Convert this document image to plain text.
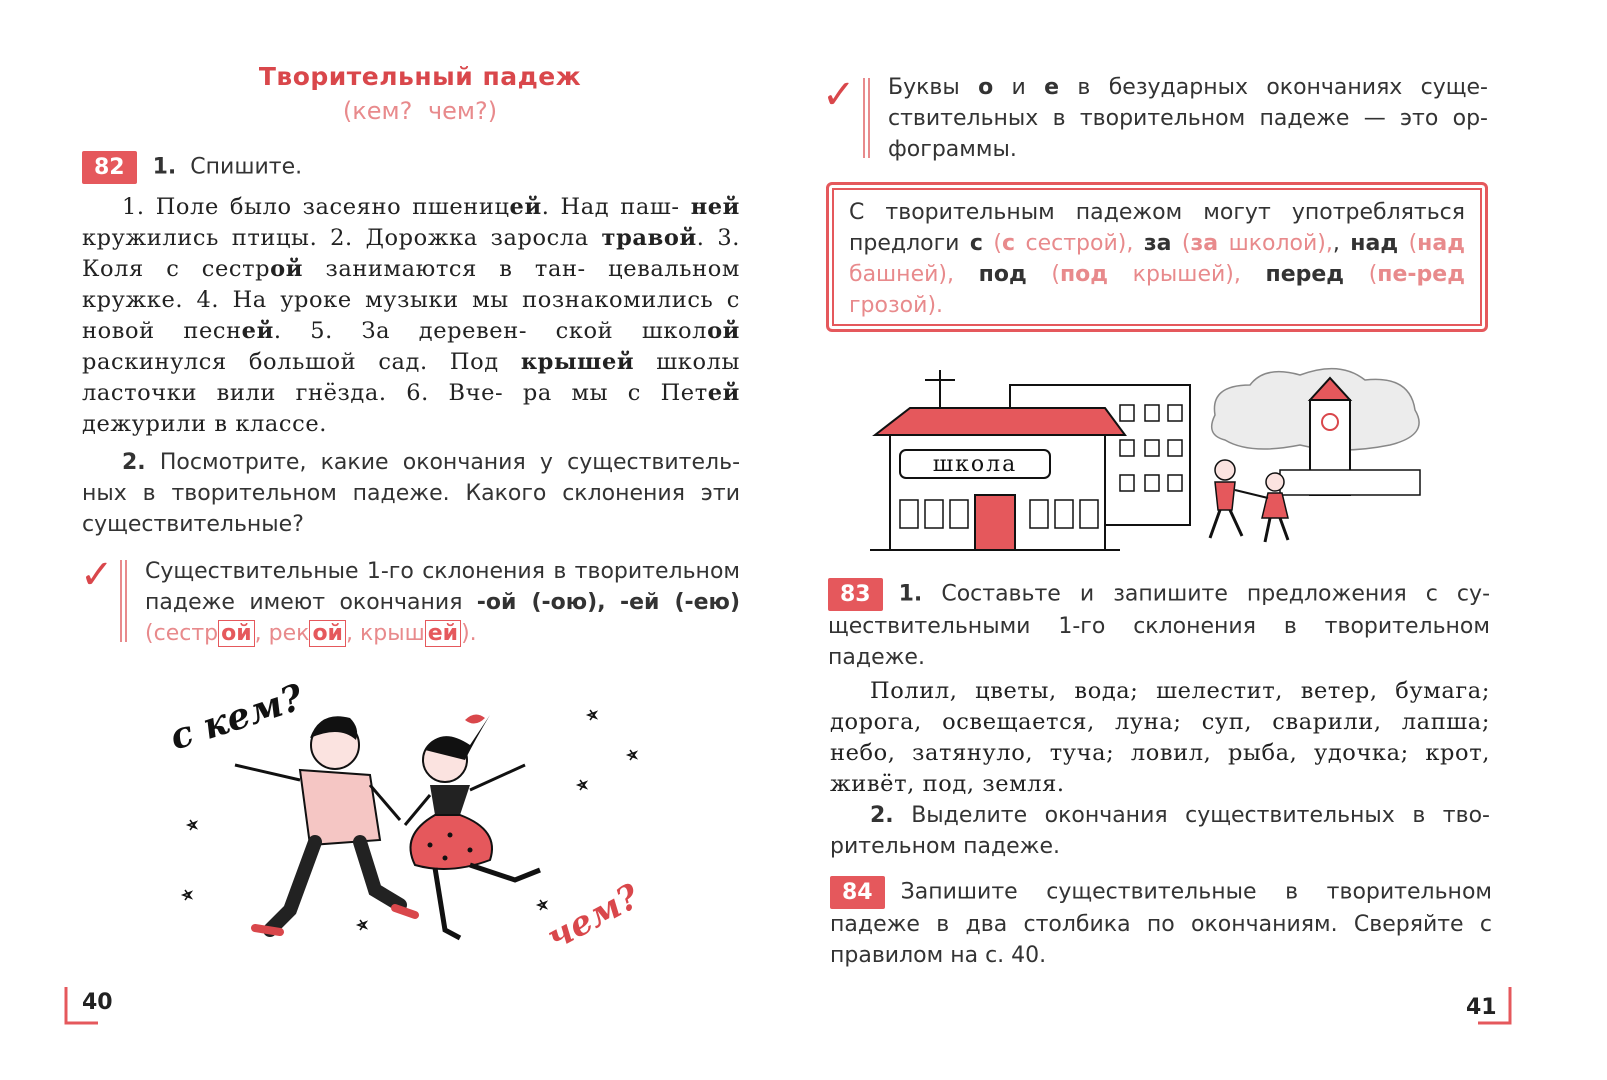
Творительный падеж
(кем? чем?)
82 1. Спишите.
1. Поле было засеяно пшеницей. Над паш- ней кружились птицы. 2. Дорожка заросла травой. 3. Коля с сестрой занимаются в тан- цевальном кружке. 4. На уроке музыки мы познакомились с новой песней. 5. За деревен- ской школой раскинулся большой сад. Под крышей школы ласточки вили гнёзда. 6. Вче- ра мы с Петей дежурили в классе.
2. Посмотрите, какие окончания у существительных в творительном падеже. Какого склонения эти существительные?
✓ Существительные 1-го склонения в творительном падеже имеют окончания -ой (-ою), -ей (-ею) (сестр ой , рек ой , крыш ей ).
с кем?
чем?
40
✓ Буквы о и е в безударных окончаниях существительных в творительном падеже — это орфограммы.
С творительным падежом могут употребляться предлоги с (с сестрой), за (за школой),, над (над башней), под (под крышей), перед (пе-ред грозой).
школа
83 1. Составьте и запишите предложения с существительными 1-го склонения в творительном падеже.
Полил, цветы, вода; шелестит, ветер, бумага; дорога, освещается, луна; суп, сварили, лапша; небо, затянуло, туча; ловил, рыба, удочка; крот, живёт, под, земля.
2. Выделите окончания существительных в творительном падеже.
84 Запишите существительные в творительном падеже в два столбика по окончаниям. Сверяйте с правилом на с. 40.
41
